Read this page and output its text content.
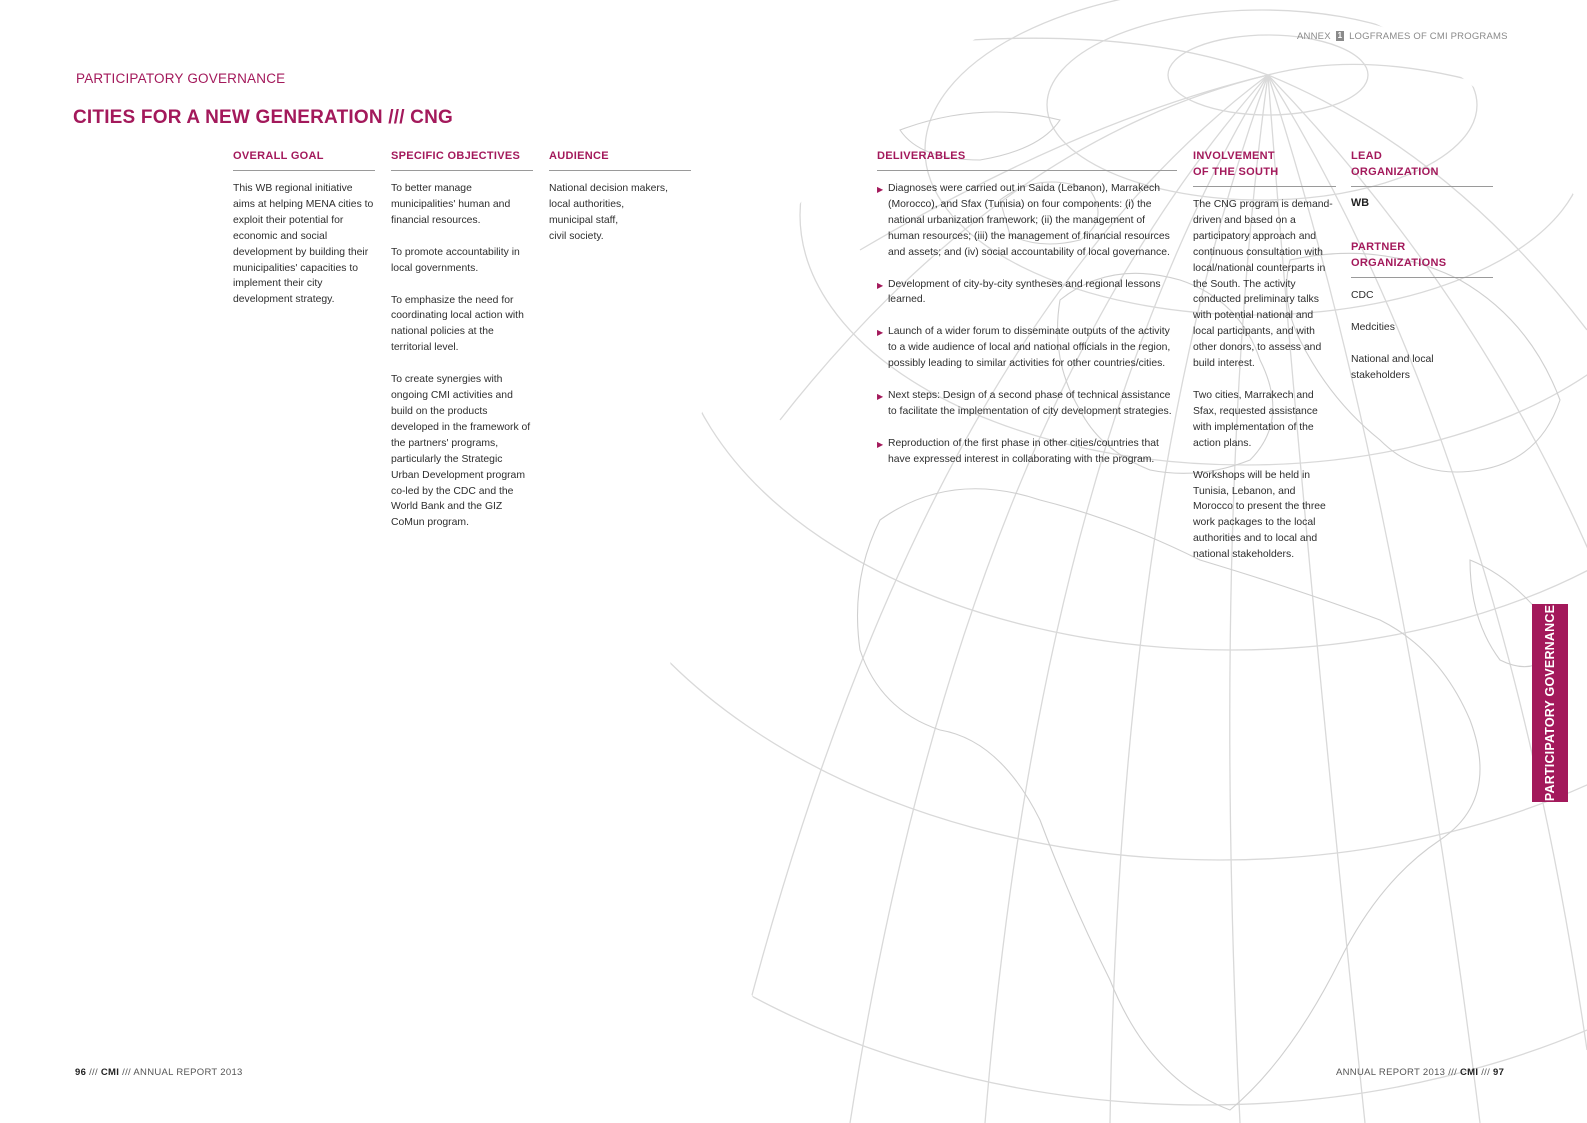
ANNEX 1 LOGFRAMES OF CMI PROGRAMS
PARTICIPATORY GOVERNANCE
CITIES FOR A NEW GENERATION /// CNG
OVERALL GOAL

This WB regional initiative aims at helping MENA cities to exploit their potential for economic and social development by building their municipalities' capacities to implement their city development strategy.

SPECIFIC OBJECTIVES

To better manage municipalities' human and financial resources.

To promote accountability in local governments.

To emphasize the need for coordinating local action with national policies at the territorial level.

To create synergies with ongoing CMI activities and build on the products developed in the framework of the partners' programs, particularly the Strategic Urban Development program co-led by the CDC and the World Bank and the GIZ CoMun program.

AUDIENCE
National decision makers,
local authorities,
municipal staff,
civil society.
DELIVERABLES
▶ Diagnoses were carried out in Saida (Lebanon), Marrakech (Morocco), and Sfax (Tunisia) on four components: (i) the national urbanization framework; (ii) the management of human resources; (iii) the management of financial resources and assets; and (iv) social accountability of local governance.
▶ Development of city-by-city syntheses and regional lessons learned.
▶ Launch of a wider forum to disseminate outputs of the activity to a wide audience of local and national officials in the region, possibly leading to similar activities for other countries/cities.
▶ Next steps: Design of a second phase of technical assistance to facilitate the implementation of city development strategies.
▶ Reproduction of the first phase in other cities/countries that have expressed interest in collaborating with the program.
INVOLVEMENT
OF THE SOUTH

The CNG program is demand-driven and based on a participatory approach and continuous consultation with local/national counterparts in the South. The activity conducted preliminary talks with potential national and local participants, and with other donors, to assess and build interest.

Two cities, Marrakech and Sfax, requested assistance with implementation of the action plans.

Workshops will be held in Tunisia, Lebanon, and Morocco to present the three work packages to the local authorities and to local and national stakeholders.

LEAD
ORGANIZATION
WB
PARTNER
ORGANIZATIONS

CDC

Medcities

National and local stakeholders

PARTICIPATORY GOVERNANCE
96 /// CMI /// ANNUAL REPORT 2013	ANNUAL REPORT 2013 /// CMI /// 97
